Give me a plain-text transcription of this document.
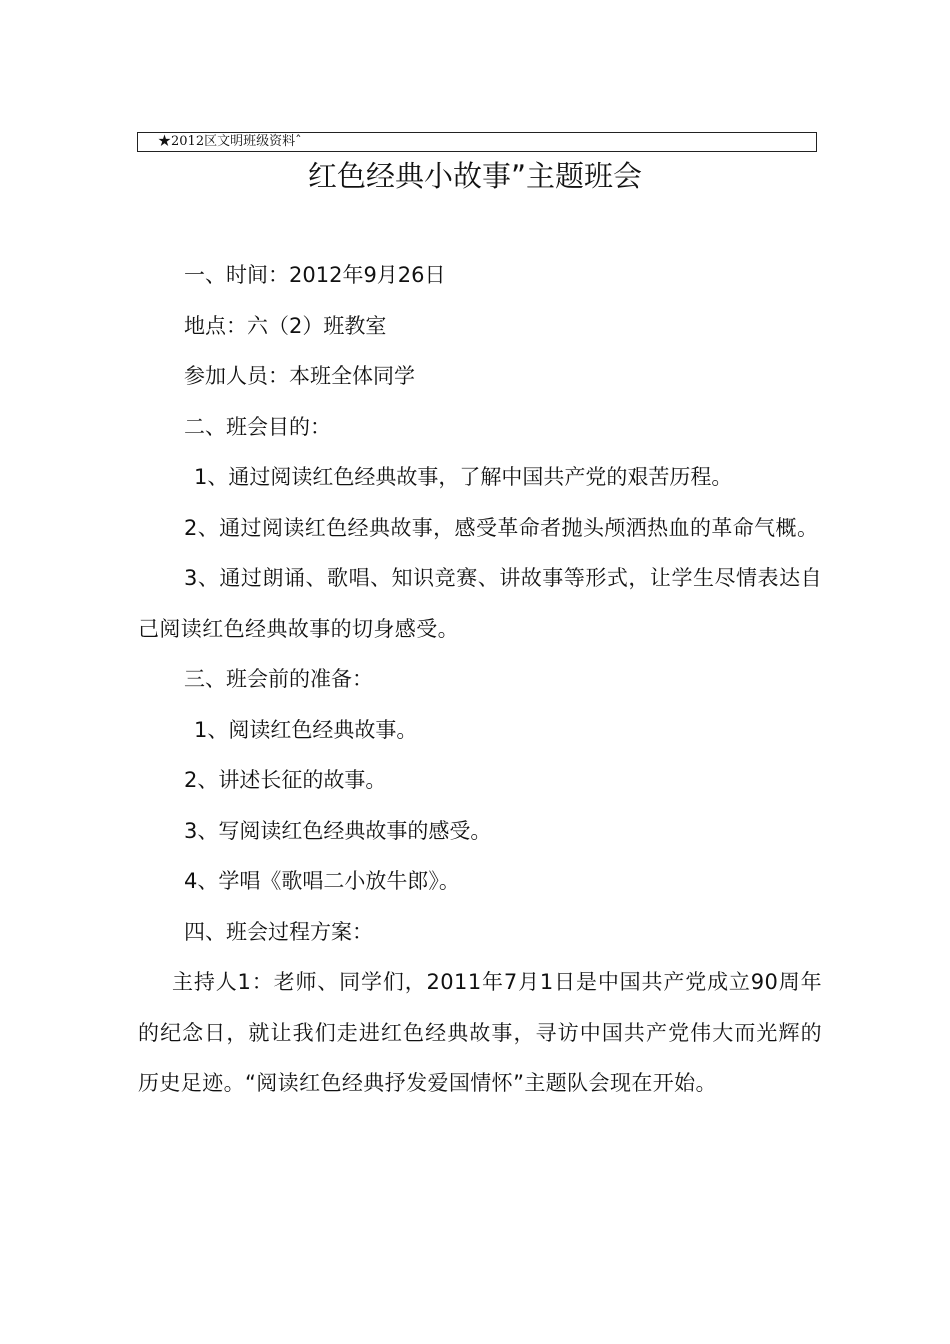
★2012区文明班级资料ˆ
红色经典小故事”主题班会

一、时间：2012年9月26日

地点：六（2）班教室

参加人员：本班全体同学

二、班会目的：

1、通过阅读红色经典故事，了解中国共产党的艰苦历程。

2、通过阅读红色经典故事，感受革命者抛头颅洒热血的革命气概。

3、通过朗诵、歌唱、知识竞赛、讲故事等形式，让学生尽情表达自己阅读红色经典故事的切身感受。

三、班会前的准备：

1、阅读红色经典故事。

2、讲述长征的故事。

3、写阅读红色经典故事的感受。

4、学唱《歌唱二小放牛郎》。

四、班会过程方案：

主持人1：老师、同学们，2011年7月1日是中国共产党成立90周年的纪念日，就让我们走进红色经典故事，寻访中国共产党伟大而光辉的历史足迹。“阅读红色经典抒发爱国情怀”主题队会现在开始。
